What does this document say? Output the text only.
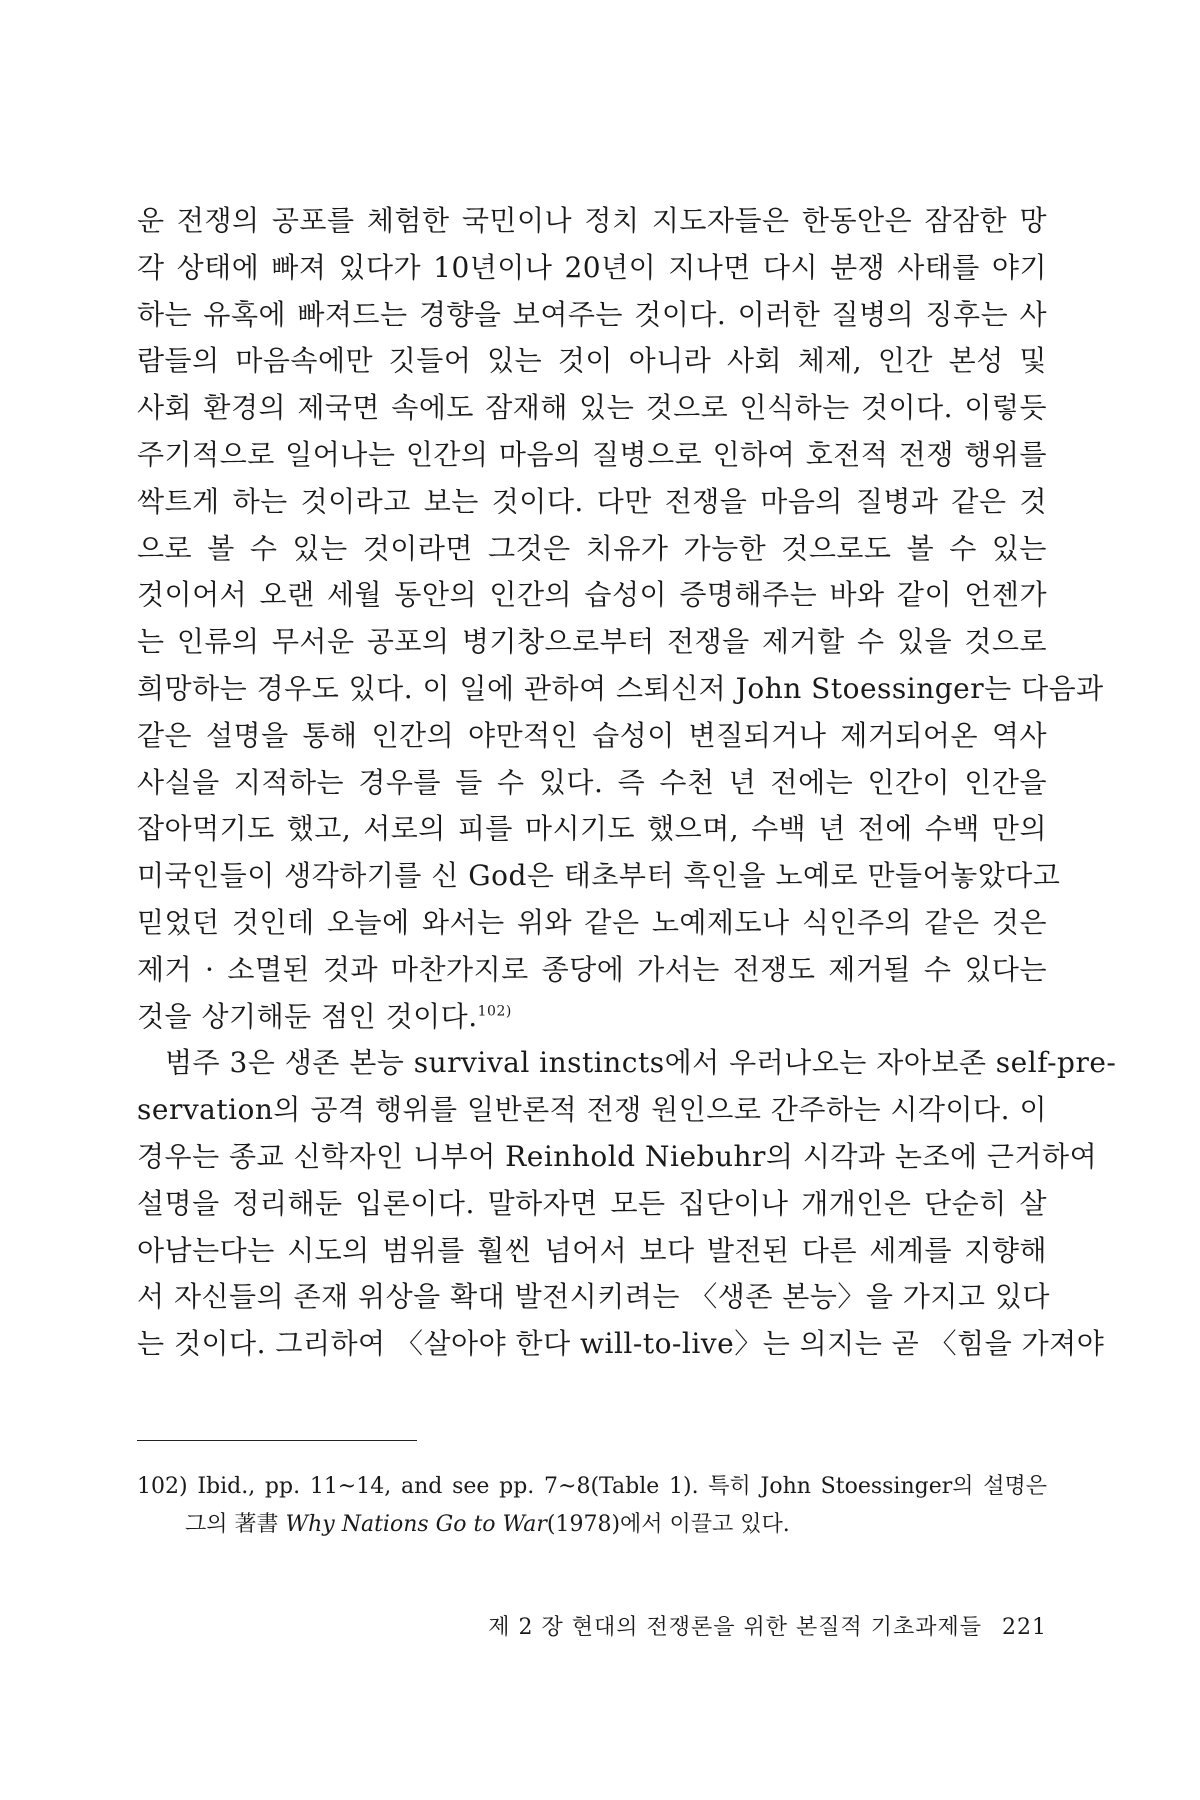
운 전쟁의 공포를 체험한 국민이나 정치 지도자들은 한동안은 잠잠한 망
각 상태에 빠져 있다가 10년이나 20년이 지나면 다시 분쟁 사태를 야기
하는 유혹에 빠져드는 경향을 보여주는 것이다. 이러한 질병의 징후는 사
람들의 마음속에만 깃들어 있는 것이 아니라 사회 체제, 인간 본성 및
사회 환경의 제국면 속에도 잠재해 있는 것으로 인식하는 것이다. 이렇듯
주기적으로 일어나는 인간의 마음의 질병으로 인하여 호전적 전쟁 행위를
싹트게 하는 것이라고 보는 것이다. 다만 전쟁을 마음의 질병과 같은 것
으로 볼 수 있는 것이라면 그것은 치유가 가능한 것으로도 볼 수 있는
것이어서 오랜 세월 동안의 인간의 습성이 증명해주는 바와 같이 언젠가
는 인류의 무서운 공포의 병기창으로부터 전쟁을 제거할 수 있을 것으로
희망하는 경우도 있다. 이 일에 관하여 스퇴신저 John Stoessinger는 다음과
같은 설명을 통해 인간의 야만적인 습성이 변질되거나 제거되어온 역사
사실을 지적하는 경우를 들 수 있다. 즉 수천 년 전에는 인간이 인간을
잡아먹기도 했고, 서로의 피를 마시기도 했으며, 수백 년 전에 수백 만의
미국인들이 생각하기를 신 God은 태초부터 흑인을 노예로 만들어놓았다고
믿었던 것인데 오늘에 와서는 위와 같은 노예제도나 식인주의 같은 것은
제거 · 소멸된 것과 마찬가지로 종당에 가서는 전쟁도 제거될 수 있다는
것을 상기해둔 점인 것이다.$^{102)}$
범주 3은 생존 본능 survival instincts에서 우러나오는 자아보존 self-pre-
servation의 공격 행위를 일반론적 전쟁 원인으로 간주하는 시각이다. 이
경우는 종교 신학자인 니부어 Reinhold Niebuhr의 시각과 논조에 근거하여
설명을 정리해둔 입론이다. 말하자면 모든 집단이나 개개인은 단순히 살
아남는다는 시도의 범위를 훨씬 넘어서 보다 발전된 다른 세계를 지향해
서 자신들의 존재 위상을 확대 발전시키려는 〈생존 본능〉을 가지고 있다
는 것이다. 그리하여 〈살아야 한다 will-to-live〉는 의지는 곧 〈힘을 가져야
102) Ibid., pp. 11~14, and see pp. 7~8(Table 1). 특히 John Stoessinger의 설명은
그의 著書 Why Nations Go to War(1978)에서 이끌고 있다.
제 2 장 현대의 전쟁론을 위한 본질적 기초과제들 221
